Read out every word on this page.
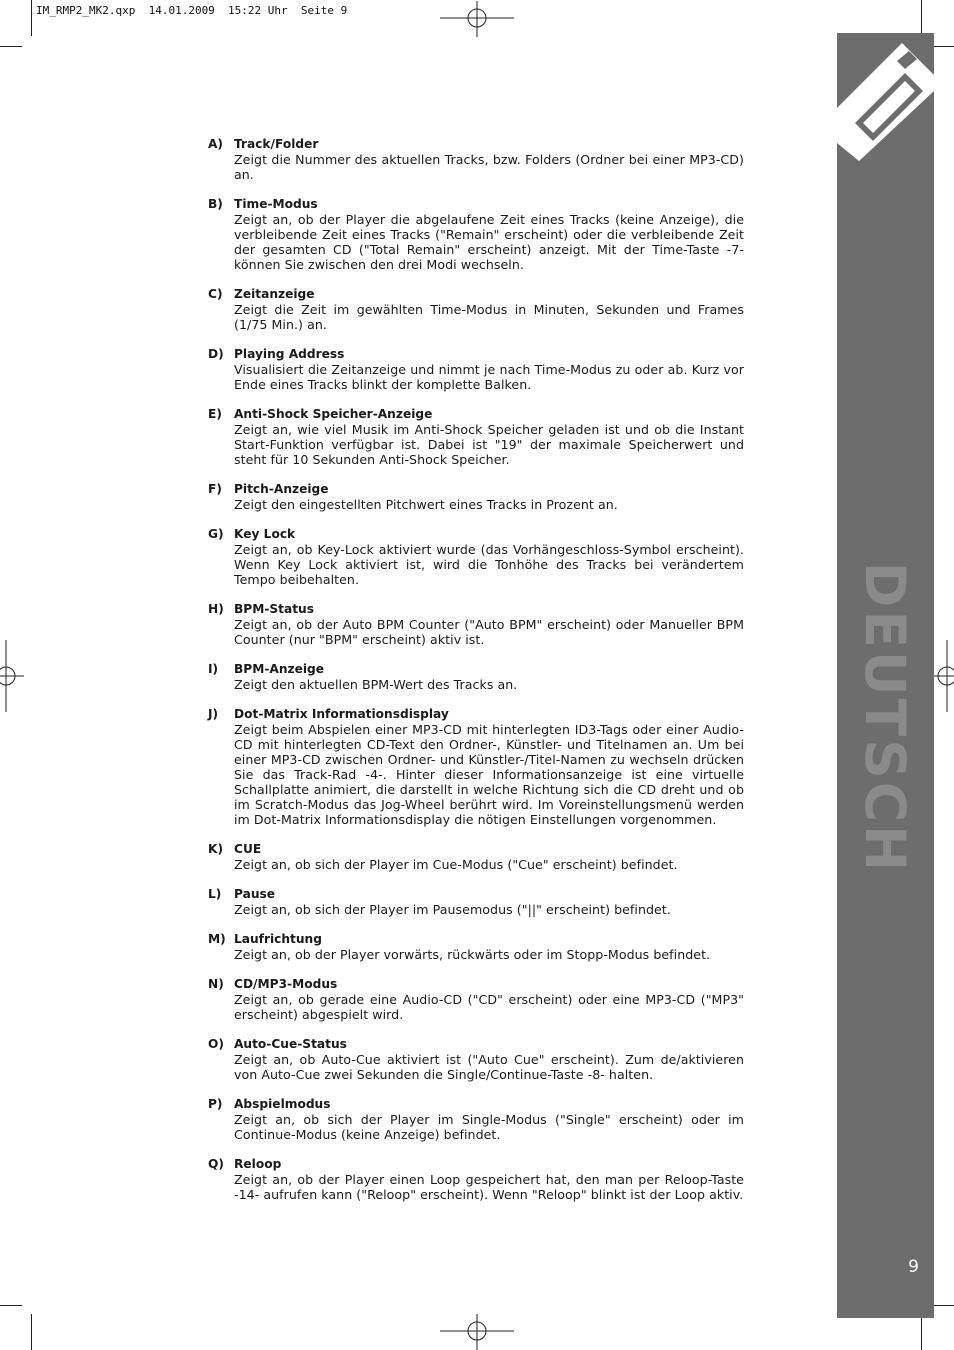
IM_RMP2_MK2.qxp  14.01.2009  15:22 Uhr  Seite 9
DEUTSCH
9
A) Track/Folder
Zeigt die Nummer des aktuellen Tracks, bzw. Folders (Ordner bei einer MP3-CD) an.
B) Time-Modus
Zeigt an, ob der Player die abgelaufene Zeit eines Tracks (keine Anzeige), die verbleibende Zeit eines Tracks ("Remain" erscheint) oder die verbleibende Zeit der gesamten CD ("Total Remain" erscheint) anzeigt. Mit der Time-Taste -7- können Sie zwischen den drei Modi wechseln.
C) Zeitanzeige
Zeigt die Zeit im gewählten Time-Modus in Minuten, Sekunden und Frames (1/75 Min.) an.
D) Playing Address
Visualisiert die Zeitanzeige und nimmt je nach Time-Modus zu oder ab. Kurz vor Ende eines Tracks blinkt der komplette Balken.
E) Anti-Shock Speicher-Anzeige
Zeigt an, wie viel Musik im Anti-Shock Speicher geladen ist und ob die Instant Start-Funktion verfügbar ist. Dabei ist "19" der maximale Speicherwert und steht für 10 Sekunden Anti-Shock Speicher.
F) Pitch-Anzeige
Zeigt den eingestellten Pitchwert eines Tracks in Prozent an.
G) Key Lock
Zeigt an, ob Key-Lock aktiviert wurde (das Vorhängeschloss-Symbol erscheint). Wenn Key Lock aktiviert ist, wird die Tonhöhe des Tracks bei verändertem Tempo beibehalten.
H) BPM-Status
Zeigt an, ob der Auto BPM Counter ("Auto BPM" erscheint) oder Manueller BPM Counter (nur "BPM" erscheint) aktiv ist.
I)	BPM-Anzeige
Zeigt den aktuellen BPM-Wert des Tracks an.
J)	Dot-Matrix Informationsdisplay
Zeigt beim Abspielen einer MP3-CD mit hinterlegten ID3-Tags oder einer Audio-CD mit hinterlegten CD-Text den Ordner-, Künstler- und Titelnamen an. Um bei einer MP3-CD zwischen Ordner- und Künstler-/Titel-Namen zu wechseln drücken Sie das Track-Rad -4-. Hinter dieser Informationsanzeige ist eine virtuelle Schallplatte animiert, die darstellt in welche Richtung sich die CD dreht und ob im Scratch-Modus das Jog-Wheel berührt wird. Im Voreinstellungsmenü werden im Dot-Matrix Informationsdisplay die nötigen Einstellungen vorgenommen.
K) CUE
Zeigt an, ob sich der Player im Cue-Modus ("Cue" erscheint) befindet.
L)	Pause
Zeigt an, ob sich der Player im Pausemodus ("||" erscheint) befindet.
M) Laufrichtung
Zeigt an, ob der Player vorwärts, rückwärts oder im Stopp-Modus befindet.
N) CD/MP3-Modus
Zeigt an, ob gerade eine Audio-CD ("CD" erscheint) oder eine MP3-CD ("MP3" erscheint) abgespielt wird.
O) Auto-Cue-Status
Zeigt an, ob Auto-Cue aktiviert ist ("Auto Cue" erscheint). Zum de/aktivieren von Auto-Cue zwei Sekunden die Single/Continue-Taste -8- halten.
P) Abspielmodus
Zeigt an, ob sich der Player im Single-Modus ("Single" erscheint) oder im Continue-Modus (keine Anzeige) befindet.
Q) Reloop
Zeigt an, ob der Player einen Loop gespeichert hat, den man per Reloop-Taste -14- aufrufen kann ("Reloop" erscheint). Wenn "Reloop" blinkt ist der Loop aktiv.
